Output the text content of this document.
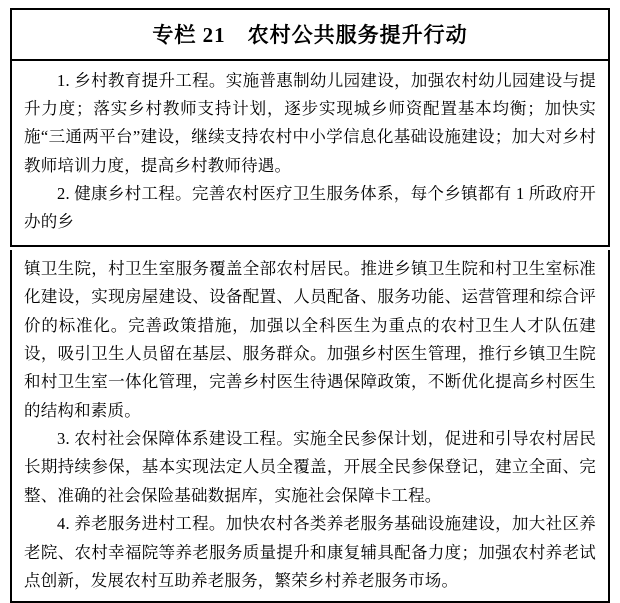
专栏 21　农村公共服务提升行动

1. 乡村教育提升工程。实施普惠制幼儿园建设，加强农村幼儿园建设与提升力度；落实乡村教师支持计划，逐步实现城乡师资配置基本均衡；加快实施“三通两平台”建设，继续支持农村中小学信息化基础设施建设；加大对乡村教师培训力度，提高乡村教师待遇。

2. 健康乡村工程。完善农村医疗卫生服务体系，每个乡镇都有 1 所政府开办的乡

镇卫生院，村卫生室服务覆盖全部农村居民。推进乡镇卫生院和村卫生室标准化建设，实现房屋建设、设备配置、人员配备、服务功能、运营管理和综合评价的标准化。完善政策措施，加强以全科医生为重点的农村卫生人才队伍建设，吸引卫生人员留在基层、服务群众。加强乡村医生管理，推行乡镇卫生院和村卫生室一体化管理，完善乡村医生待遇保障政策，不断优化提高乡村医生的结构和素质。

3. 农村社会保障体系建设工程。实施全民参保计划，促进和引导农村居民长期持续参保，基本实现法定人员全覆盖，开展全民参保登记，建立全面、完整、准确的社会保险基础数据库，实施社会保障卡工程。

4. 养老服务进村工程。加快农村各类养老服务基础设施建设，加大社区养老院、农村幸福院等养老服务质量提升和康复辅具配备力度；加强农村养老试点创新，发展农村互助养老服务，繁荣乡村养老服务市场。
